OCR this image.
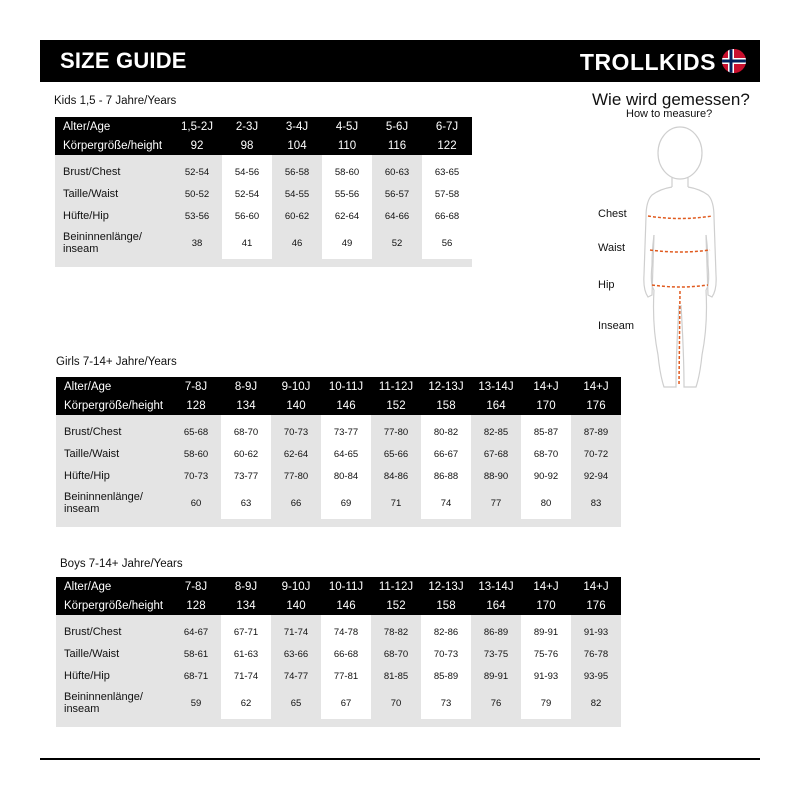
SIZE GUIDE	TROLLKIDS
Kids 1,5 - 7 Jahre/Years
Alter/Age	1,5-2J	2-3J	3-4J	4-5J	5-6J	6-7J
Körpergröße/height	92	98	104	110	116	122

Brust/Chest	52-54	54-56	56-58	58-60	60-63	63-65
Taille/Waist	50-52	52-54	54-55	55-56	56-57	57-58
Hüfte/Hip	53-56	56-60	60-62	62-64	64-66	66-68
Beininnenlänge/ inseam	38	41	46	49	52	56

Girls 7-14+ Jahre/Years
Alter/Age	7-8J	8-9J	9-10J	10-11J	11-12J	12-13J	13-14J	14+J	14+J
Körpergröße/height	128	134	140	146	152	158	164	170	176

Brust/Chest	65-68	68-70	70-73	73-77	77-80	80-82	82-85	85-87	87-89
Taille/Waist	58-60	60-62	62-64	64-65	65-66	66-67	67-68	68-70	70-72
Hüfte/Hip	70-73	73-77	77-80	80-84	84-86	86-88	88-90	90-92	92-94
Beininnenlänge/ inseam	60	63	66	69	71	74	77	80	83

Boys 7-14+ Jahre/Years
Alter/Age	7-8J	8-9J	9-10J	10-11J	11-12J	12-13J	13-14J	14+J	14+J
Körpergröße/height	128	134	140	146	152	158	164	170	176

Brust/Chest	64-67	67-71	71-74	74-78	78-82	82-86	86-89	89-91	91-93
Taille/Waist	58-61	61-63	63-66	66-68	68-70	70-73	73-75	75-76	76-78
Hüfte/Hip	68-71	71-74	74-77	77-81	81-85	85-89	89-91	91-93	93-95
Beininnenlänge/ inseam	59	62	65	67	70	73	76	79	82

Wie wird gemessen?
How to measure?
Chest
Waist
Hip
Inseam
